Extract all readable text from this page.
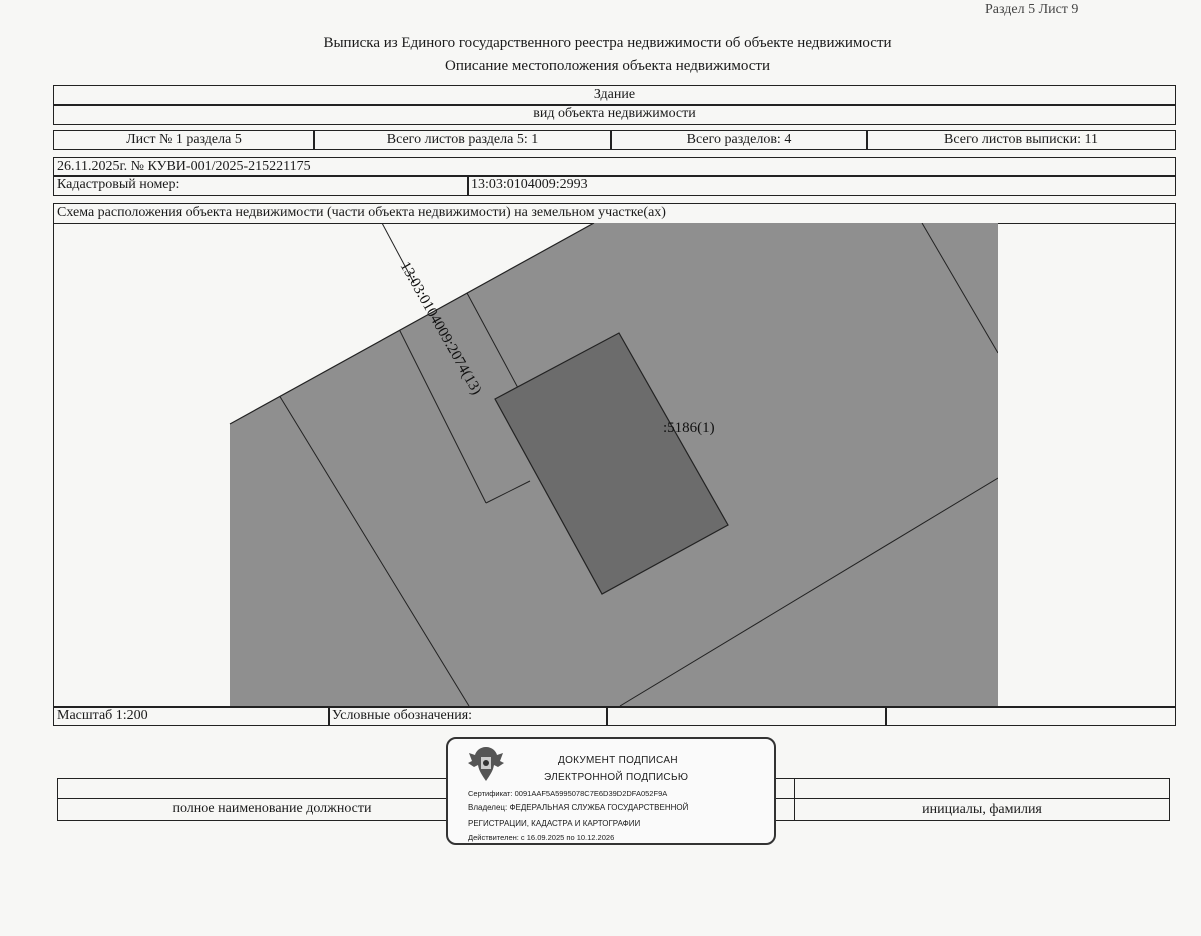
Раздел 5 Лист 9
Выписка из Единого государственного реестра недвижимости об объекте недвижимости
Описание местоположения объекта недвижимости
Здание
вид объекта недвижимости
Лист № 1 раздела 5	Всего листов раздела 5: 1	Всего разделов: 4	Всего листов выписки: 11
26.11.2025г. № КУВИ-001/2025-215221175
Кадастровый номер:	13:03:0104009:2993
Схема расположения объекта недвижимости (части объекта недвижимости) на земельном участке(ах)
13:03:0104009:2074(13)
:5186(1)
Масштаб 1:200	Условные обозначения:
полное наименование должности	инициалы, фамилия
ДОКУМЕНТ ПОДПИСАН
ЭЛЕКТРОННОЙ ПОДПИСЬЮ
Сертификат: 0091AAF5A5995078C7E6D39D2DFA052F9A
Владелец: ФЕДЕРАЛЬНАЯ СЛУЖБА ГОСУДАРСТВЕННОЙ
РЕГИСТРАЦИИ, КАДАСТРА И КАРТОГРАФИИ
Действителен: с 16.09.2025 по 10.12.2026
